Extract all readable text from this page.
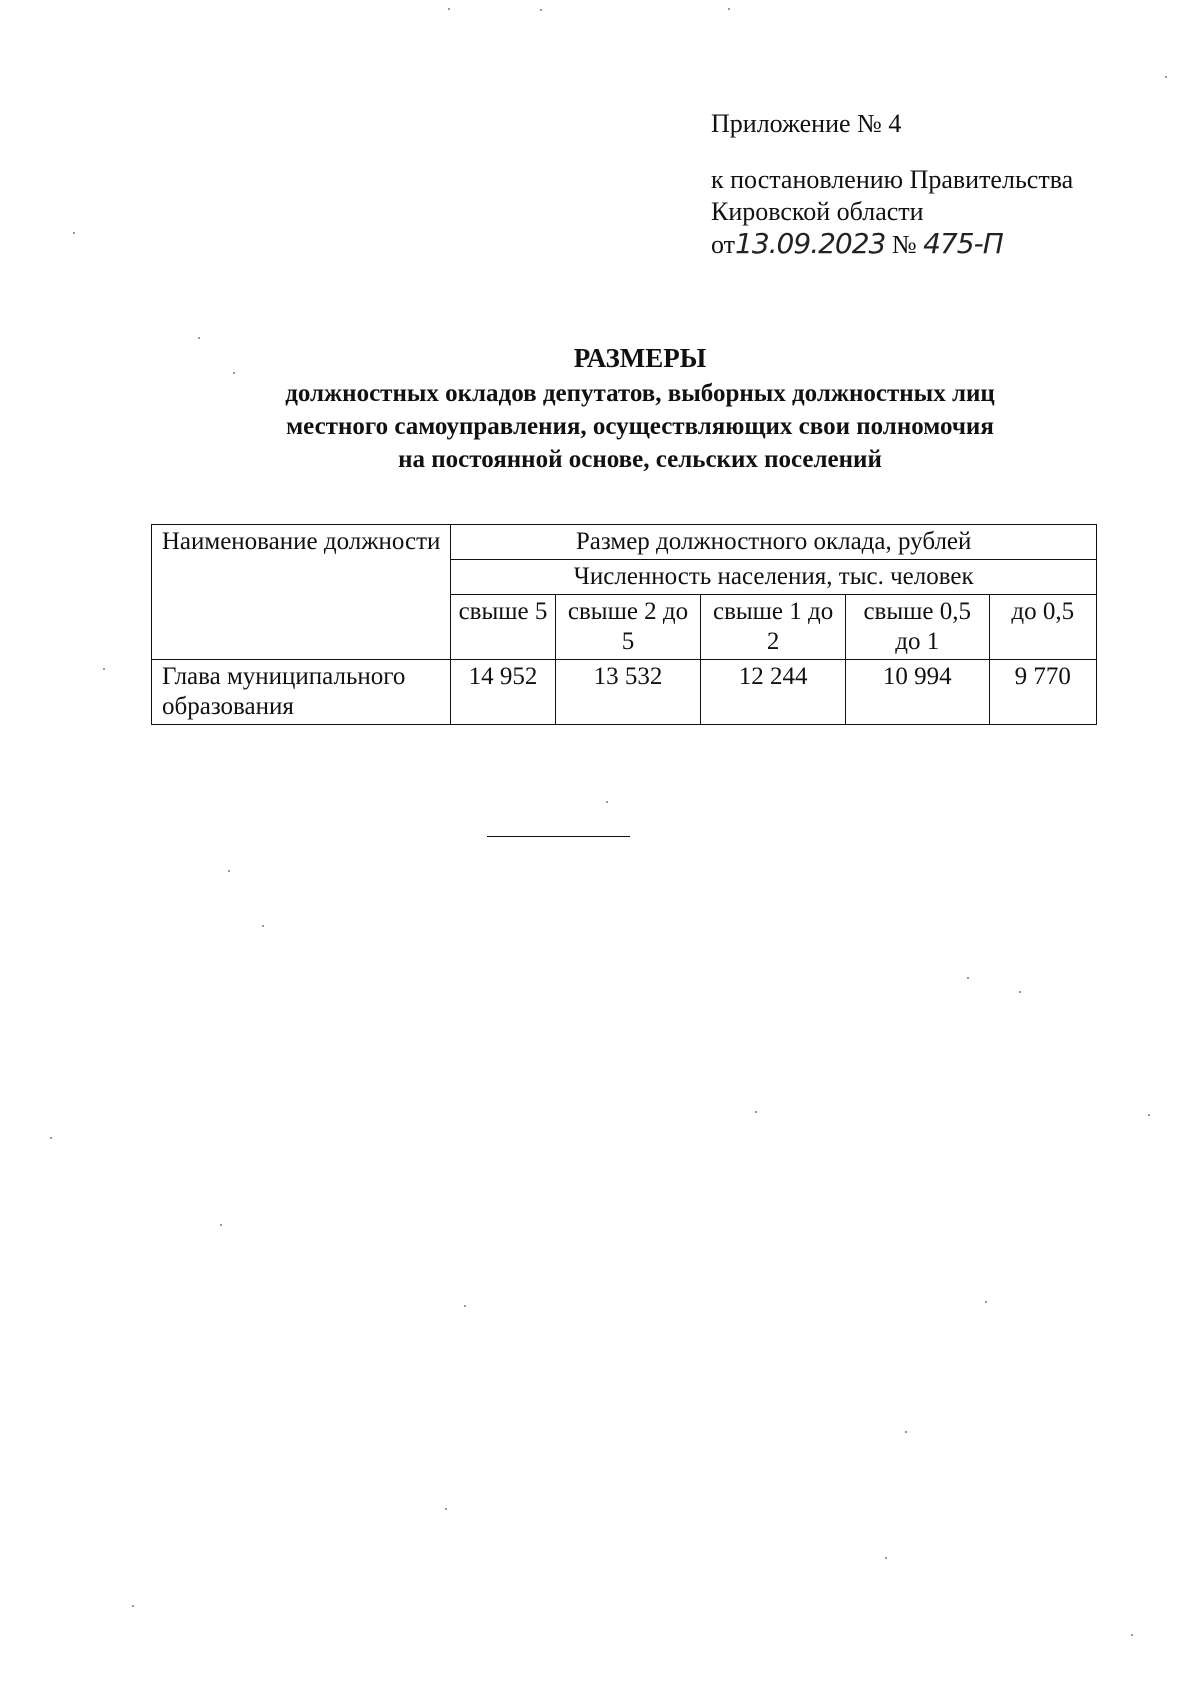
Приложение № 4
к постановлению Правительства
Кировской области
от13.09.2023 № 475-П
РАЗМЕРЫ
должностных окладов депутатов, выборных должностных лиц
местного самоуправления, осуществляющих свои полномочия
на постоянной основе, сельских поселений
Наименование должности	Размер должностного оклада, рублей				
	Численность населения, тыс. человек				
	свыше 5	свыше 2 до 5	свыше 1 до 2	свыше 0,5 до 1	до 0,5
Глава муниципального образования	14 952	13 532	12 244	10 994	9 770
